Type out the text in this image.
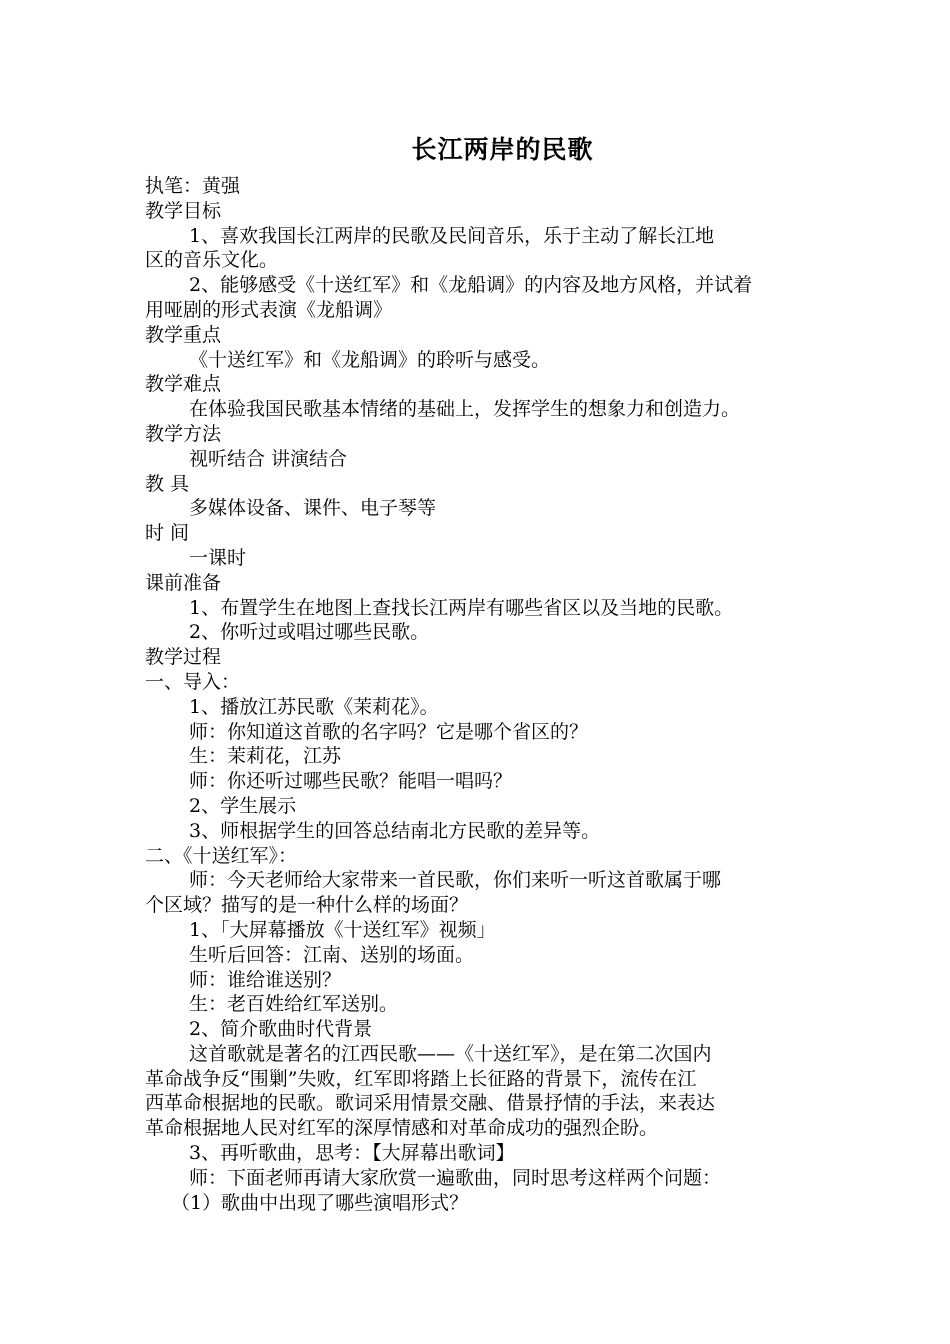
长江两岸的民歌
执笔：黄强
教学目标
1、喜欢我国长江两岸的民歌及民间音乐，乐于主动了解长江地
区的音乐文化。
2、能够感受《十送红军》和《龙船调》的内容及地方风格，并试着
用哑剧的形式表演《龙船调》
教学重点
《十送红军》和《龙船调》的聆听与感受。
教学难点
在体验我国民歌基本情绪的基础上，发挥学生的想象力和创造力。
教学方法
视听结合 讲演结合
教 具
多媒体设备、课件、电子琴等
时 间
一课时
课前准备
1、布置学生在地图上查找长江两岸有哪些省区以及当地的民歌。
2、你听过或唱过哪些民歌。
教学过程
一、导入：
1、播放江苏民歌《茉莉花》。
师：你知道这首歌的名字吗？它是哪个省区的？
生：茉莉花，江苏
师：你还听过哪些民歌？能唱一唱吗？
2、学生展示
3、师根据学生的回答总结南北方民歌的差异等。
二、《十送红军》：
师：今天老师给大家带来一首民歌，你们来听一听这首歌属于哪
个区域？描写的是一种什么样的场面？
1、「大屏幕播放《十送红军》视频」
生听后回答：江南、送别的场面。
师：谁给谁送别？
生：老百姓给红军送别。
2、简介歌曲时代背景
这首歌就是著名的江西民歌——《十送红军》，是在第二次国内
革命战争反“围剿”失败，红军即将踏上长征路的背景下，流传在江
西革命根据地的民歌。歌词采用情景交融、借景抒情的手法，来表达
革命根据地人民对红军的深厚情感和对革命成功的强烈企盼。
3、再听歌曲，思考：【大屏幕出歌词】
师：下面老师再请大家欣赏一遍歌曲，同时思考这样两个问题：
（1）歌曲中出现了哪些演唱形式？
